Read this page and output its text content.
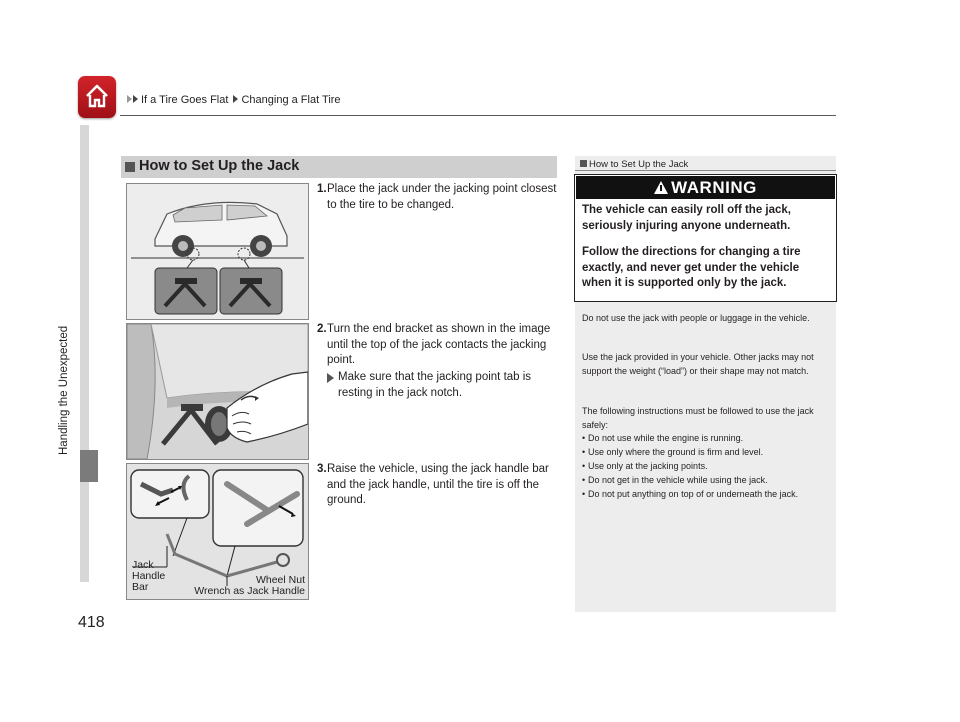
If a Tire Goes Flat Changing a Flat Tire
Handling the Unexpected
418
How to Set Up the Jack
Jack
Handle
Bar
Wheel Nut
Wrench as Jack Handle
1. Place the jack under the jacking point closest to the tire to be changed.
2. Turn the end bracket as shown in the image until the top of the jack contacts the jacking point.
Make sure that the jacking point tab is resting in the jack notch.
3. Raise the vehicle, using the jack handle bar and the jack handle, until the tire is off the ground.
How to Set Up the Jack
WARNING
The vehicle can easily roll off the jack, seriously injuring anyone underneath.
Follow the directions for changing a tire exactly, and never get under the vehicle when it is supported only by the jack.
Do not use the jack with people or luggage in the vehicle.
Use the jack provided in your vehicle. Other jacks may not support the weight (“load”) or their shape may not match.
The following instructions must be followed to use the jack safely:
• Do not use while the engine is running.
• Use only where the ground is firm and level.
• Use only at the jacking points.
• Do not get in the vehicle while using the jack.
• Do not put anything on top of or underneath the jack.
